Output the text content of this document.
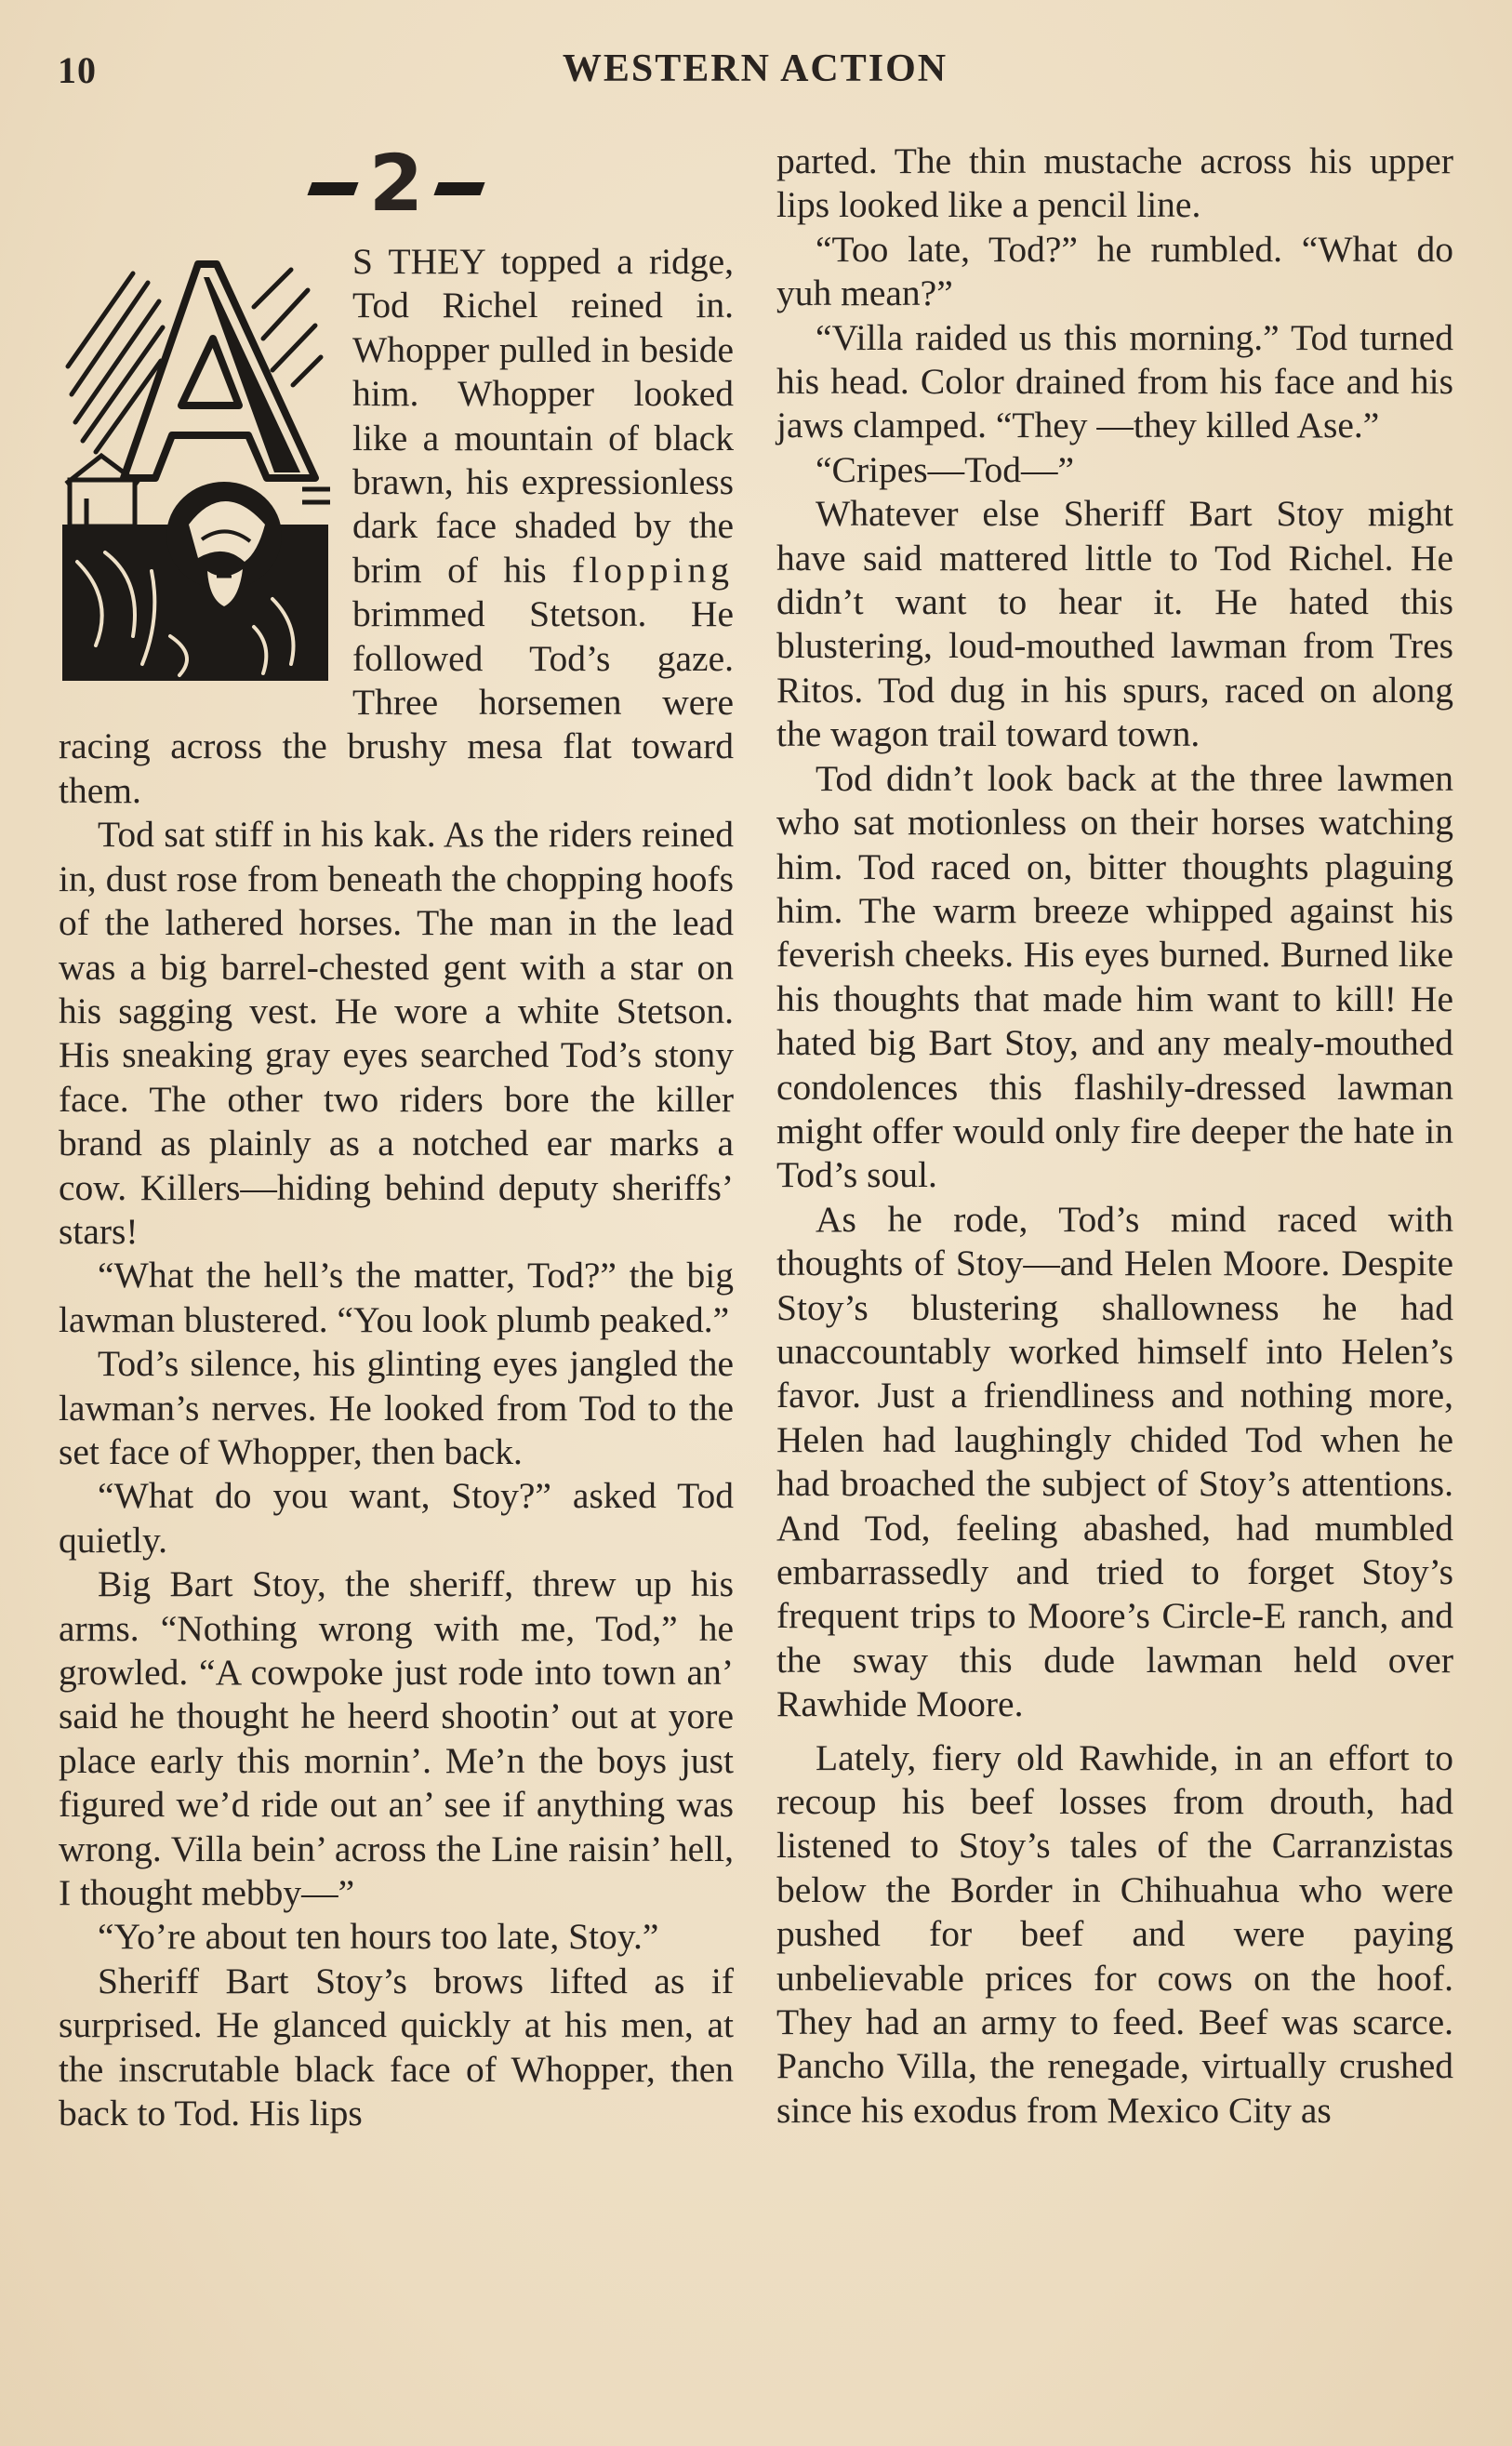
10	WESTERN ACTION
2

S THEY topped a ridge, Tod Richel reined in. Whopper pulled in beside him. Whopper looked like a mountain of black brawn, his expressionless dark face shaded by the brim of his flopping brimmed Stetson. He followed Tod’s gaze. Three horsemen were racing across the brushy mesa flat toward them.

Tod sat stiff in his kak. As the riders reined in, dust rose from beneath the chopping hoofs of the lathered horses. The man in the lead was a big barrel-chested gent with a star on his sagging vest. He wore a white Stetson. His sneaking gray eyes searched Tod’s stony face. The other two riders bore the killer brand as plainly as a notched ear marks a cow. Killers—hiding behind deputy sheriffs’ stars!

“What the hell’s the matter, Tod?” the big lawman blustered. “You look plumb peaked.”

Tod’s silence, his glinting eyes jangled the lawman’s nerves. He looked from Tod to the set face of Whopper, then back.

“What do you want, Stoy?” asked Tod quietly.

Big Bart Stoy, the sheriff, threw up his arms. “Nothing wrong with me, Tod,” he growled. “A cowpoke just rode into town an’ said he thought he heerd shootin’ out at yore place early this mornin’. Me’n the boys just figured we’d ride out an’ see if anything was wrong. Villa bein’ across the Line raisin’ hell, I thought mebby—”

“Yo’re about ten hours too late, Stoy.”

Sheriff Bart Stoy’s brows lifted as if surprised. He glanced quickly at his men, at the inscrutable black face of Whopper, then back to Tod. His lips

parted. The thin mustache across his upper lips looked like a pencil line.

“Too late, Tod?” he rumbled. “What do yuh mean?”

“Villa raided us this morning.” Tod turned his head. Color drained from his face and his jaws clamped. “They —they killed Ase.”

“Cripes—Tod—”

Whatever else Sheriff Bart Stoy might have said mattered little to Tod Richel. He didn’t want to hear it. He hated this blustering, loud-mouthed lawman from Tres Ritos. Tod dug in his spurs, raced on along the wagon trail toward town.

Tod didn’t look back at the three lawmen who sat motionless on their horses watching him. Tod raced on, bitter thoughts plaguing him. The warm breeze whipped against his feverish cheeks. His eyes burned. Burned like his thoughts that made him want to kill! He hated big Bart Stoy, and any mealy-mouthed condolences this flashily-dressed lawman might offer would only fire deeper the hate in Tod’s soul.

As he rode, Tod’s mind raced with thoughts of Stoy—and Helen Moore. Despite Stoy’s blustering shallowness he had unaccountably worked himself into Helen’s favor. Just a friendliness and nothing more, Helen had laughingly chided Tod when he had broached the subject of Stoy’s attentions. And Tod, feeling abashed, had mumbled embarrassedly and tried to forget Stoy’s frequent trips to Moore’s Circle-E ranch, and the sway this dude lawman held over Rawhide Moore.

Lately, fiery old Rawhide, in an effort to recoup his beef losses from drouth, had listened to Stoy’s tales of the Carranzistas below the Border in Chihuahua who were pushed for beef and were paying unbelievable prices for cows on the hoof. They had an army to feed. Beef was scarce. Pancho Villa, the renegade, virtually crushed since his exodus from Mexico City as
